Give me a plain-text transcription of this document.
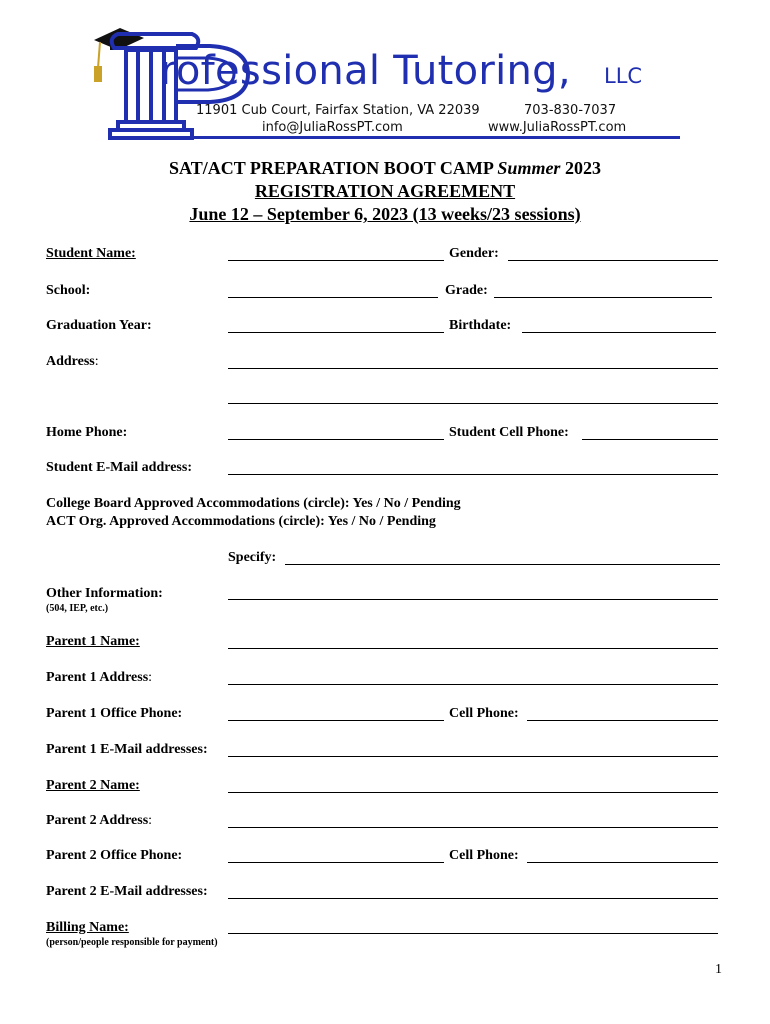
rofessional Tutoring, LLC
11901 Cub Court, Fairfax Station, VA 22039	703-830-7037
info@JuliaRossPT.com	www.JuliaRossPT.com
SAT/ACT PREPARATION BOOT CAMP Summer 2023
REGISTRATION AGREEMENT
June 12 – September 6, 2023 (13 weeks/23 sessions)
Student Name:	Gender:
School:	Grade:
Graduation Year:	Birthdate:
Address:
Home Phone:	Student Cell Phone:
Student E-Mail address:
College Board Approved Accommodations (circle): Yes / No / Pending
ACT Org. Approved Accommodations (circle): Yes / No / Pending
Specify:
Other Information:
(504, IEP, etc.)
Parent 1 Name:
Parent 1 Address:
Parent 1 Office Phone:	Cell Phone:
Parent 1 E-Mail addresses:
Parent 2 Name:
Parent 2 Address:
Parent 2 Office Phone:	Cell Phone:
Parent 2 E-Mail addresses:
Billing Name:
(person/people responsible for payment)
1
